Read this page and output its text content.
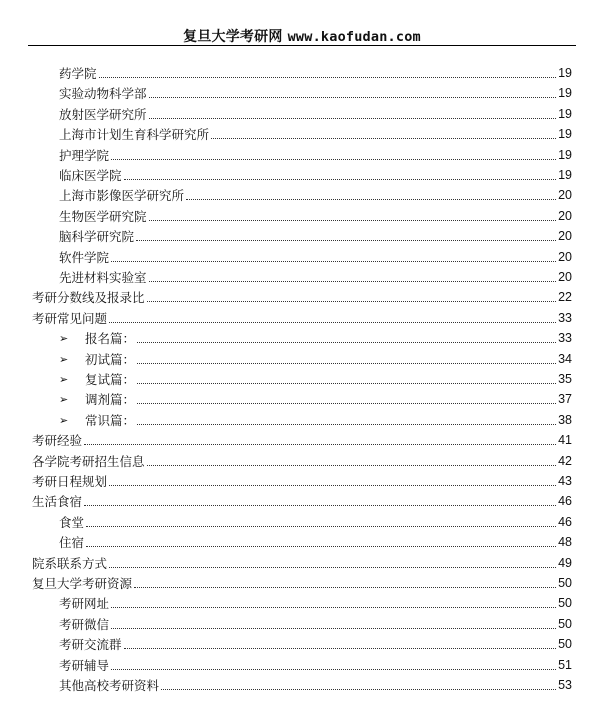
复旦大学考研网 www.kaofudan.com
药学院	19
实验动物科学部	19
放射医学研究所	19
上海市计划生育科学研究所	19
护理学院	19
临床医学院	19
上海市影像医学研究所	20
生物医学研究院	20
脑科学研究院	20
软件学院	20
先进材料实验室	20
考研分数线及报录比	22
考研常见问题	33
➢	报名篇：	33
➢	初试篇：	34
➢	复试篇：	35
➢	调剂篇：	37
➢	常识篇：	38
考研经验	41
各学院考研招生信息	42
考研日程规划	43
生活食宿	46
食堂	46
住宿	48
院系联系方式	49
复旦大学考研资源	50
考研网址	50
考研微信	50
考研交流群	50
考研辅导	51
其他高校考研资料	53
